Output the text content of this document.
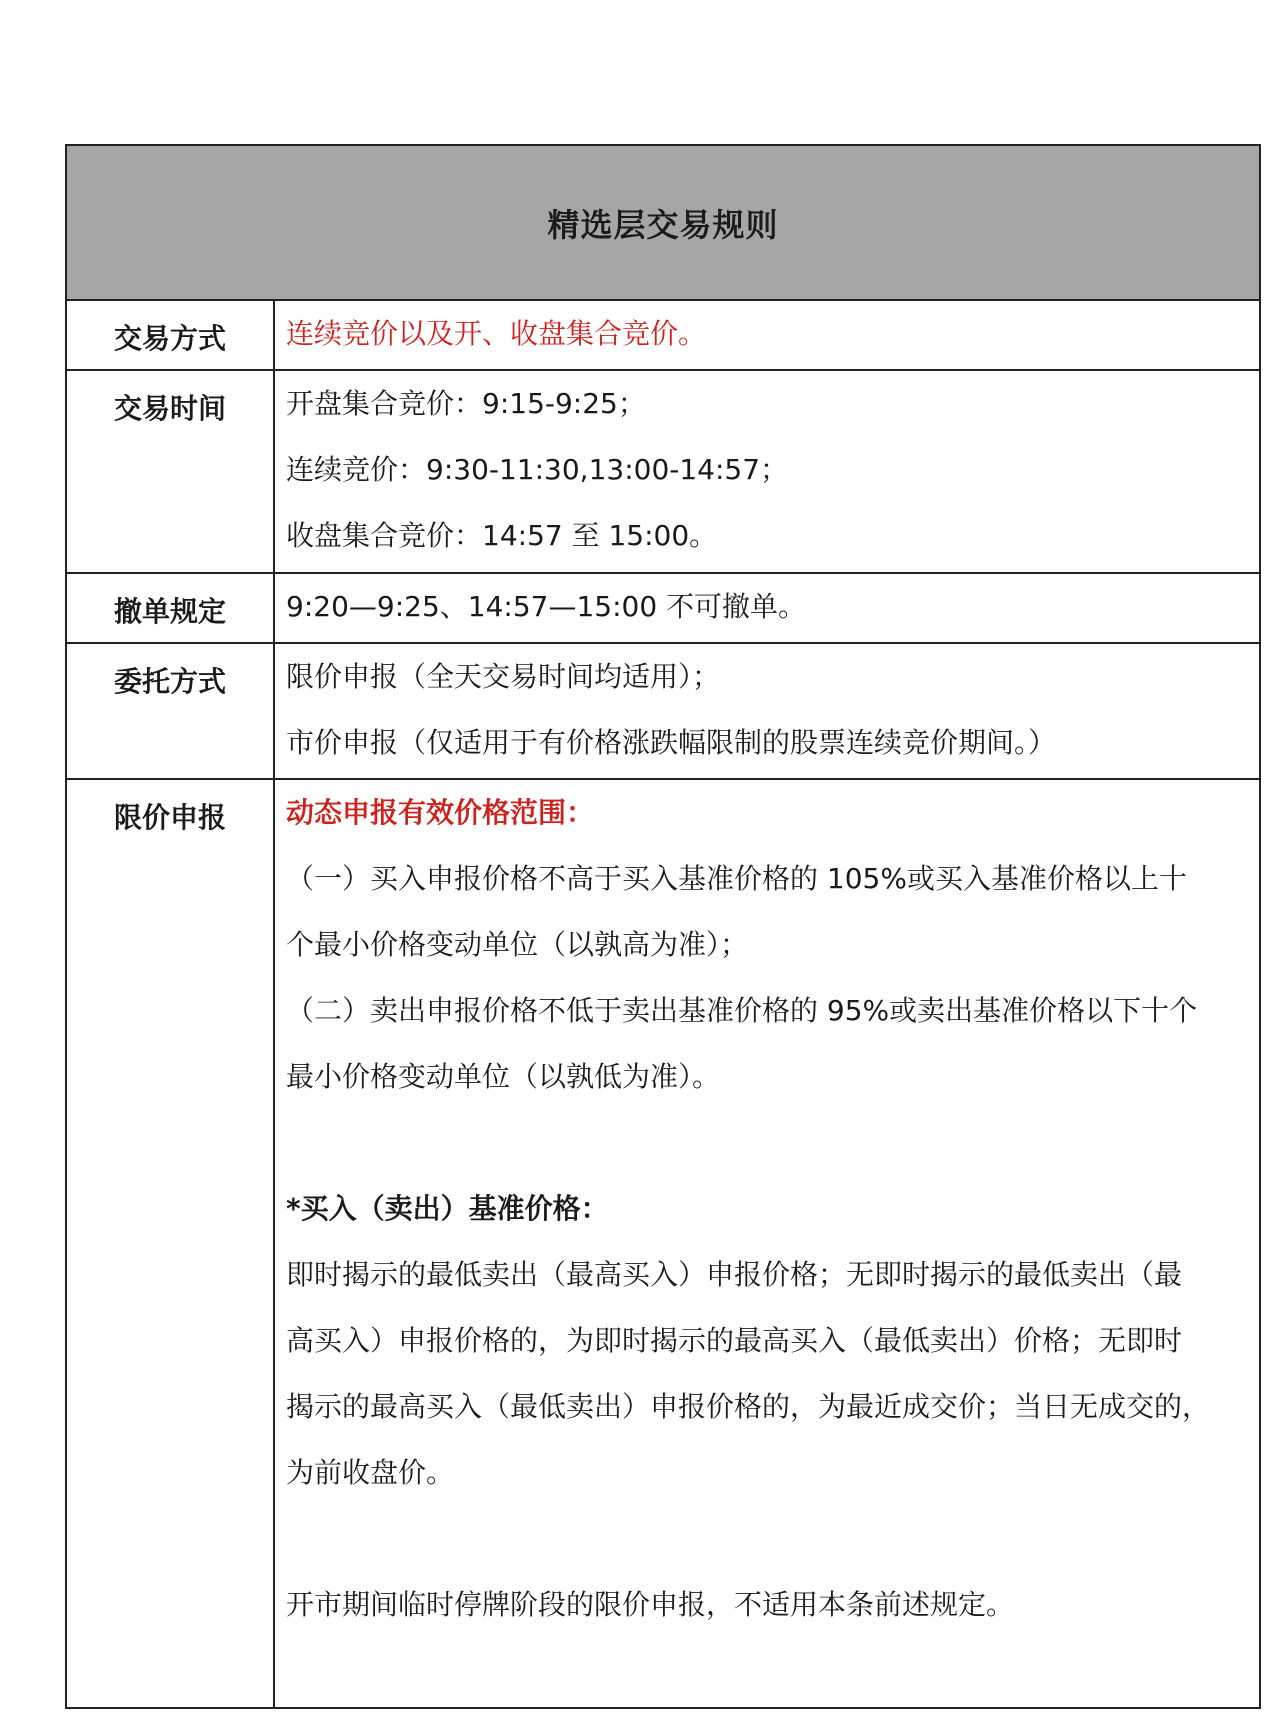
精选层交易规则
交易方式	连续竞价以及开、收盘集合竞价。
交易时间	开盘集合竞价：9:15-9:25；
连续竞价：9:30-11:30,13:00-14:57；
收盘集合竞价：14:57 至 15:00。
撤单规定	9:20—9:25、14:57—15:00 不可撤单。
委托方式	限价申报（全天交易时间均适用）；
市价申报（仅适用于有价格涨跌幅限制的股票连续竞价期间。）
限价申报	动态申报有效价格范围：
（一）买入申报价格不高于买入基准价格的 105%或买入基准价格以上十
个最小价格变动单位（以孰高为准）；
（二）卖出申报价格不低于卖出基准价格的 95%或卖出基准价格以下十个
最小价格变动单位（以孰低为准）。
*买入（卖出）基准价格：
即时揭示的最低卖出（最高买入）申报价格；无即时揭示的最低卖出（最
高买入）申报价格的，为即时揭示的最高买入（最低卖出）价格；无即时
揭示的最高买入（最低卖出）申报价格的，为最近成交价；当日无成交的，
为前收盘价。
开市期间临时停牌阶段的限价申报，不适用本条前述规定。
